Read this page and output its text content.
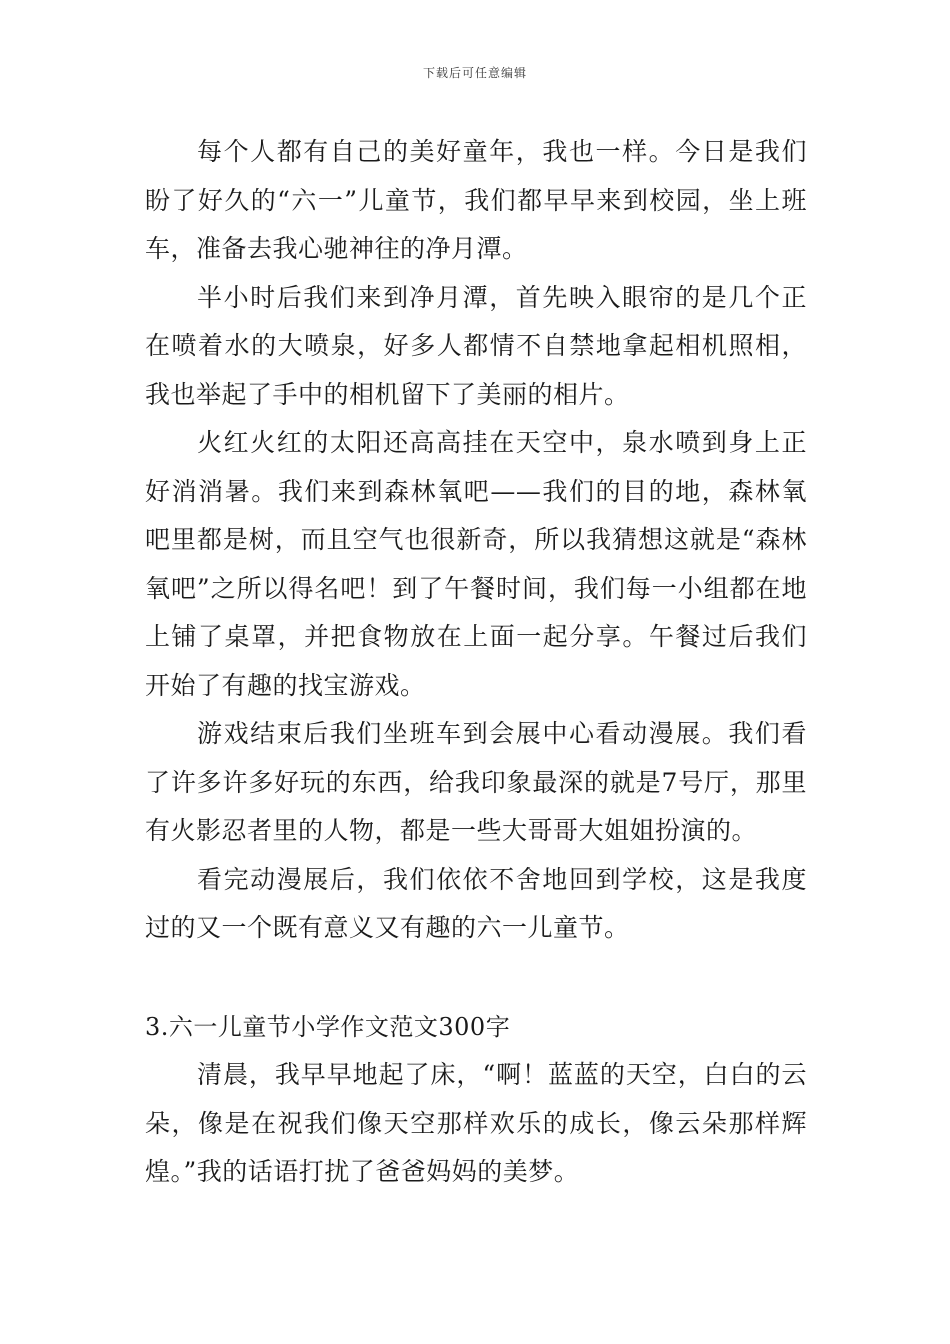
下载后可任意编辑

每个人都有自己的美好童年，我也一样。今日是我们盼了好久的“六一”儿童节，我们都早早来到校园，坐上班车，准备去我心驰神往的净月潭。

半小时后我们来到净月潭，首先映入眼帘的是几个正在喷着水的大喷泉，好多人都情不自禁地拿起相机照相，我也举起了手中的相机留下了美丽的相片。

火红火红的太阳还高高挂在天空中，泉水喷到身上正好消消暑。我们来到森林氧吧——我们的目的地，森林氧吧里都是树，而且空气也很新奇，所以我猜想这就是“森林氧吧”之所以得名吧！到了午餐时间，我们每一小组都在地上铺了桌罩，并把食物放在上面一起分享。午餐过后我们开始了有趣的找宝游戏。

游戏结束后我们坐班车到会展中心看动漫展。我们看了许多许多好玩的东西，给我印象最深的就是7号厅，那里有火影忍者里的人物，都是一些大哥哥大姐姐扮演的。

看完动漫展后，我们依依不舍地回到学校，这是我度过的又一个既有意义又有趣的六一儿童节。

3.六一儿童节小学作文范文300字

清晨，我早早地起了床，“啊！蓝蓝的天空，白白的云朵，像是在祝我们像天空那样欢乐的成长，像云朵那样辉煌。”我的话语打扰了爸爸妈妈的美梦。
